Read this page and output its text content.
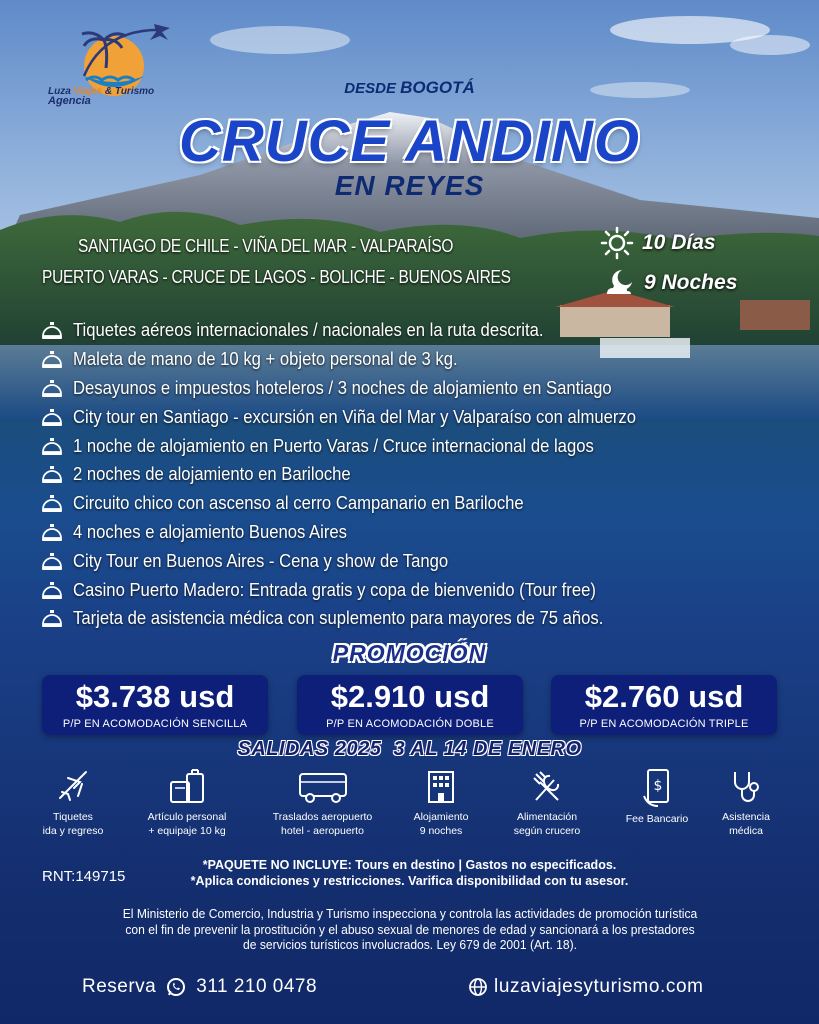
Luza Viajes & Turismo
Agencia
DESDE BOGOTÁ
CRUCE ANDINO
EN REYES
SANTIAGO DE CHILE - VIÑA DEL MAR - VALPARAÍSO
PUERTO VARAS - CRUCE DE LAGOS - BOLICHE - BUENOS AIRES
10 Días
9 Noches
Tiquetes aéreos internacionales / nacionales en la ruta descrita.
Maleta de mano de 10 kg + objeto personal de 3 kg.
Desayunos e impuestos hoteleros / 3 noches de alojamiento en Santiago
City tour en Santiago - excursión en Viña del Mar y Valparaíso con almuerzo
1 noche de alojamiento en Puerto Varas / Cruce internacional de lagos
2 noches de alojamiento en Bariloche
Circuito chico con ascenso al cerro Campanario en Bariloche
4 noches e alojamiento Buenos Aires
City Tour en Buenos Aires - Cena y show de Tango
Casino Puerto Madero: Entrada gratis y copa de bienvenido (Tour free)
Tarjeta de asistencia médica con suplemento para mayores de 75 años.
PROMOCIÓN
$3.738 usd
P/P EN ACOMODACIÓN SENCILLA
$2.910 usd
P/P EN ACOMODACIÓN DOBLE
$2.760 usd
P/P EN ACOMODACIÓN TRIPLE
SALIDAS 2025 3 AL 14 DE ENERO
Tiquetes
ida y regreso
Artículo personal
+ equipaje 10 kg
Traslados aeropuerto
hotel - aeropuerto
Alojamiento
9 noches
Alimentación
según crucero
$
Fee Bancario	Asistencia
médica
RNT:149715
*PAQUETE NO INCLUYE: Tours en destino | Gastos no especificados.
*Aplica condiciones y restricciones. Varifica disponibilidad con tu asesor.
El Ministerio de Comercio, Industria y Turismo inspecciona y controla las actividades de promoción turística
con el fin de prevenir la prostitución y el abuso sexual de menores de edad y sancionará a los prestadores
de servicios turísticos involucrados. Ley 679 de 2001 (Art. 18).
Reserva 311 210 0478	luzaviajesyturismo.com
